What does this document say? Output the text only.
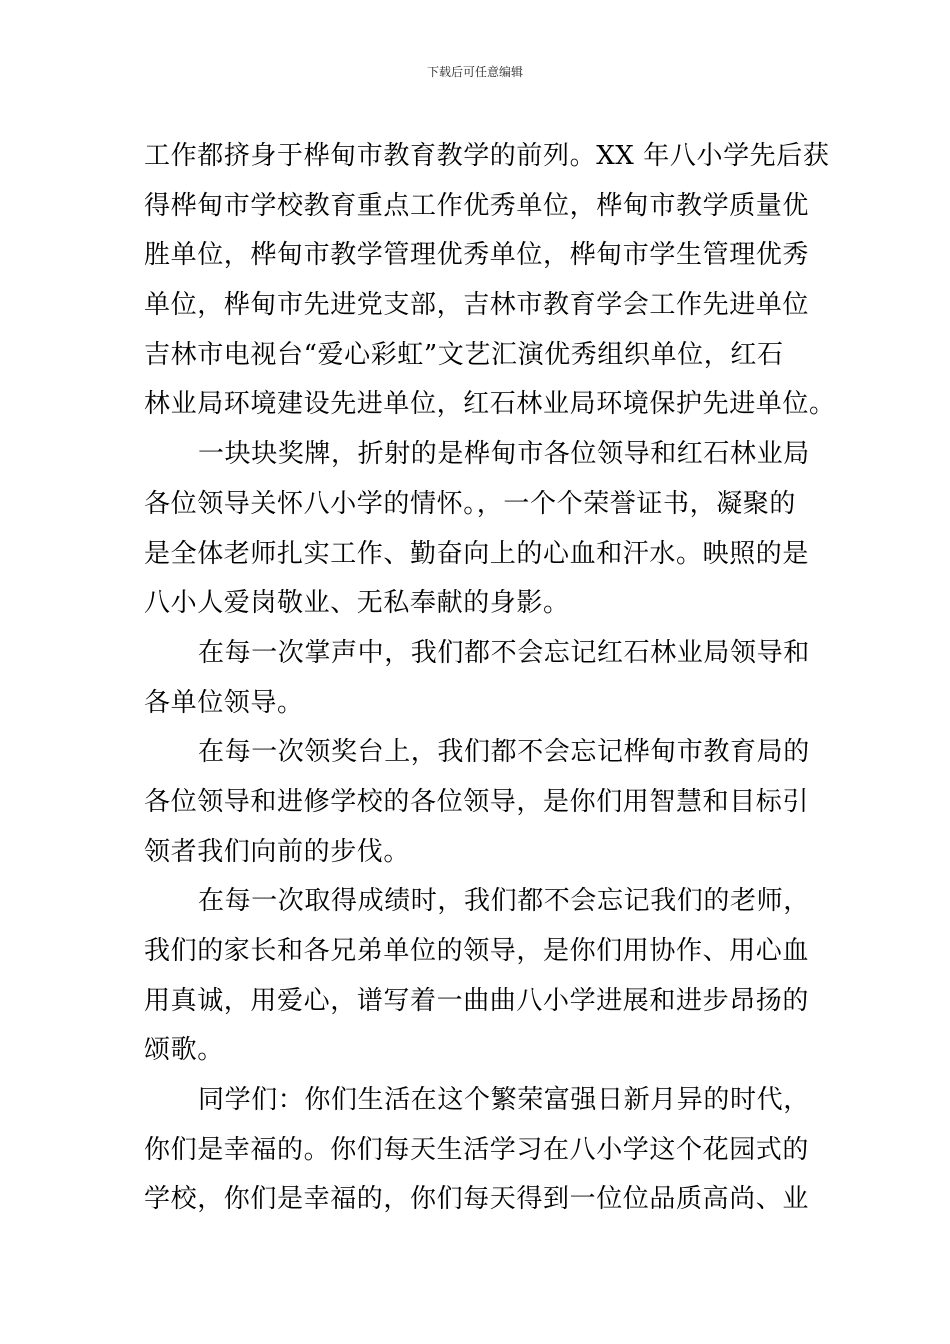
下载后可任意编辑
工作都挤身于桦甸市教育教学的前列。XX 年八小学先后获
得桦甸市学校教育重点工作优秀单位，桦甸市教学质量优
胜单位，桦甸市教学管理优秀单位，桦甸市学生管理优秀
单位，桦甸市先进党支部，吉林市教育学会工作先进单位
吉林市电视台“爱心彩虹”文艺汇演优秀组织单位，红石
林业局环境建设先进单位，红石林业局环境保护先进单位。
一块块奖牌，折射的是桦甸市各位领导和红石林业局
各位领导关怀八小学的情怀。，一个个荣誉证书，凝聚的
是全体老师扎实工作、勤奋向上的心血和汗水。映照的是
八小人爱岗敬业、无私奉献的身影。
在每一次掌声中，我们都不会忘记红石林业局领导和
各单位领导。
在每一次领奖台上，我们都不会忘记桦甸市教育局的
各位领导和进修学校的各位领导，是你们用智慧和目标引
领者我们向前的步伐。
在每一次取得成绩时，我们都不会忘记我们的老师，
我们的家长和各兄弟单位的领导，是你们用协作、用心血
用真诚，用爱心，谱写着一曲曲八小学进展和进步昂扬的
颂歌。
同学们：你们生活在这个繁荣富强日新月异的时代，
你们是幸福的。你们每天生活学习在八小学这个花园式的
学校，你们是幸福的，你们每天得到一位位品质高尚、业
